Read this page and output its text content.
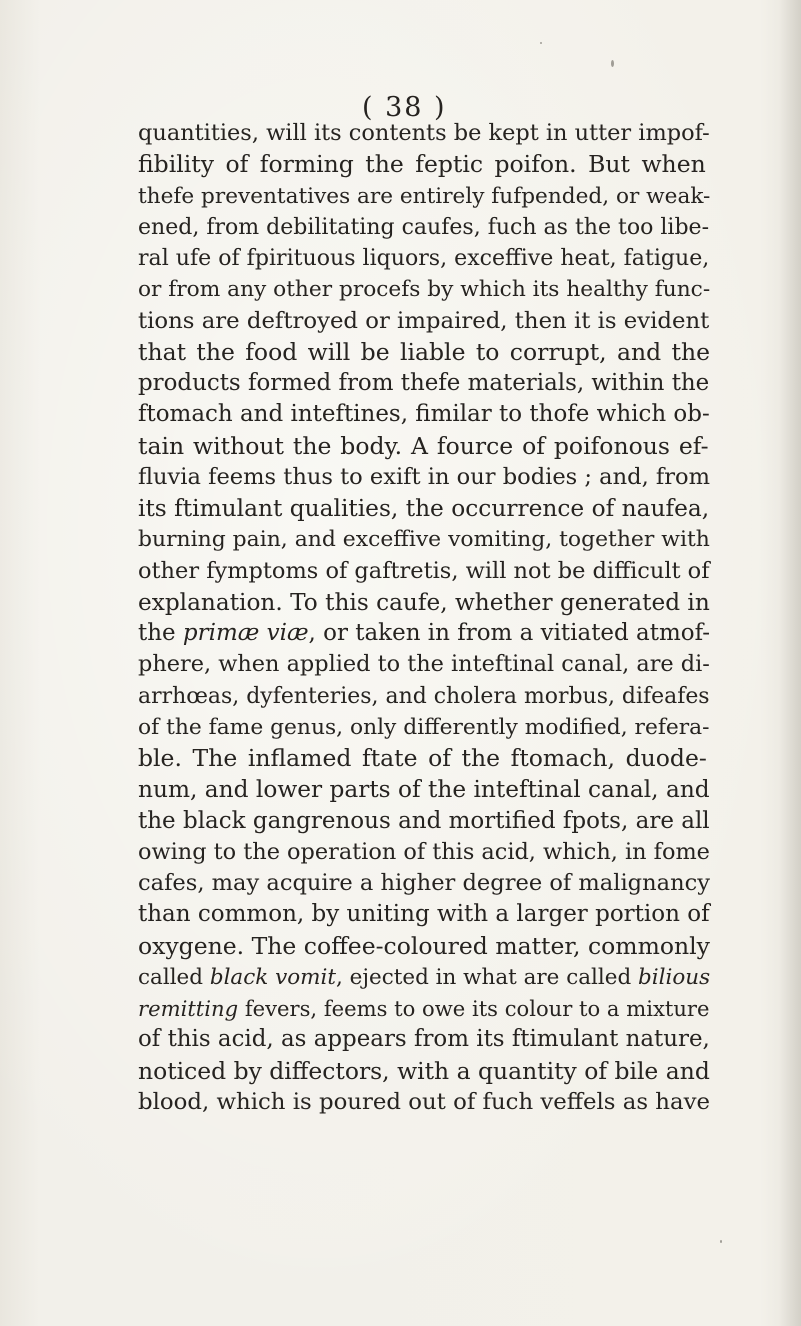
( 38 )
quantities, will its contents be kept in utter impof-
fibility of forming the feptic poifon. But when
thefe preventatives are entirely fufpended, or weak-
ened, from debilitating caufes, fuch as the too libe-
ral ufe of fpirituous liquors, exceffive heat, fatigue,
or from any other procefs by which its healthy func-
tions are deftroyed or impaired, then it is evident
that the food will be liable to corrupt, and the
products formed from thefe materials, within the
ftomach and inteftines, fimilar to thofe which ob-
tain without the body. A fource of poifonous ef-
fluvia feems thus to exift in our bodies ; and, from
its ftimulant qualities, the occurrence of naufea,
burning pain, and exceffive vomiting, together with
other fymptoms of gaftretis, will not be difficult of
explanation. To this caufe, whether generated in
the primæ viæ, or taken in from a vitiated atmof-
phere, when applied to the inteftinal canal, are di-
arrhœas, dyfenteries, and cholera morbus, difeafes
of the fame genus, only differently modified, refera-
ble. The inflamed ftate of the ftomach, duode-
num, and lower parts of the inteftinal canal, and
the black gangrenous and mortified fpots, are all
owing to the operation of this acid, which, in fome
cafes, may acquire a higher degree of malignancy
than common, by uniting with a larger portion of
oxygene. The coffee-coloured matter, commonly
called black vomit, ejected in what are called bilious
remitting fevers, feems to owe its colour to a mixture
of this acid, as appears from its ftimulant nature,
noticed by diffectors, with a quantity of bile and
blood, which is poured out of fuch veffels as have
